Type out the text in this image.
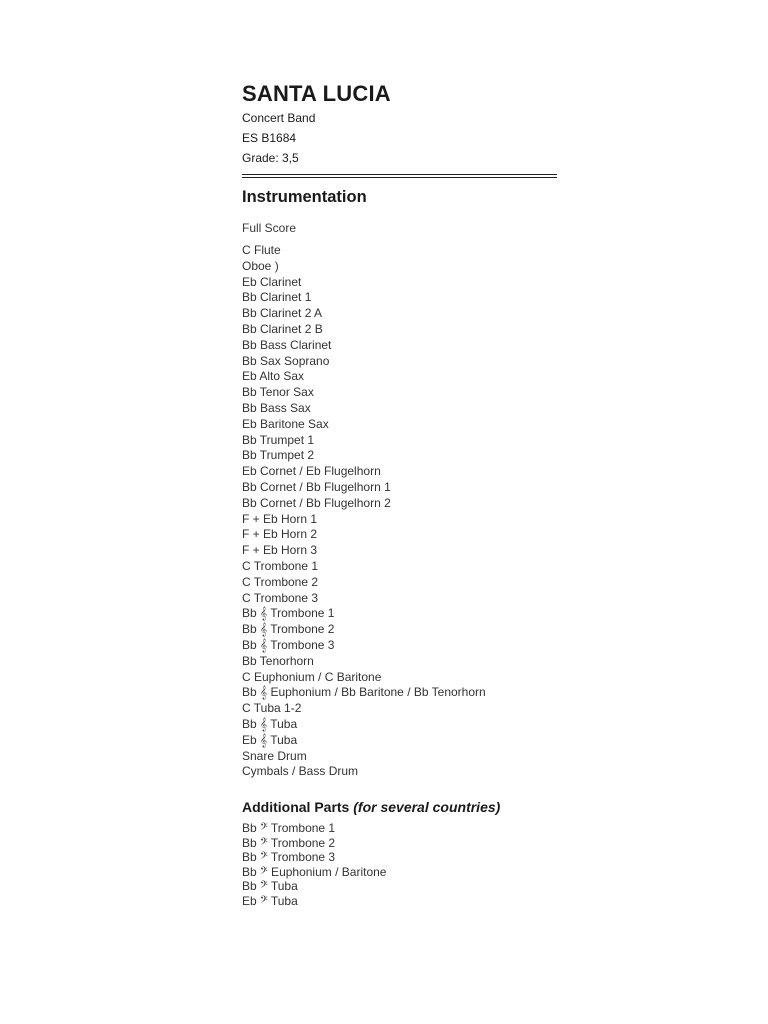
SANTA LUCIA

Concert Band

ES B1684

Grade: 3,5

Instrumentation
Full Score
C Flute
Oboe )
Eb Clarinet
Bb Clarinet 1
Bb Clarinet 2 A
Bb Clarinet 2 B
Bb Bass Clarinet
Bb Sax Soprano
Eb Alto Sax
Bb Tenor Sax
Bb Bass Sax
Eb Baritone Sax
Bb Trumpet 1
Bb Trumpet 2
Eb Cornet / Eb Flugelhorn
Bb Cornet / Bb Flugelhorn 1
Bb Cornet / Bb Flugelhorn 2
F + Eb Horn 1
F + Eb Horn 2
F + Eb Horn 3
C Trombone 1
C Trombone 2
C Trombone 3
Bb 𝄞 Trombone 1
Bb 𝄞 Trombone 2
Bb 𝄞 Trombone 3
Bb Tenorhorn
C Euphonium / C Baritone
Bb 𝄞 Euphonium / Bb Baritone / Bb Tenorhorn
C Tuba 1-2
Bb 𝄞 Tuba
Eb 𝄞 Tuba
Snare Drum
Cymbals / Bass Drum
Additional Parts (for several countries)
Bb 𝄢 Trombone 1
Bb 𝄢 Trombone 2
Bb 𝄢 Trombone 3
Bb 𝄢 Euphonium / Baritone
Bb 𝄢 Tuba
Eb 𝄢 Tuba
